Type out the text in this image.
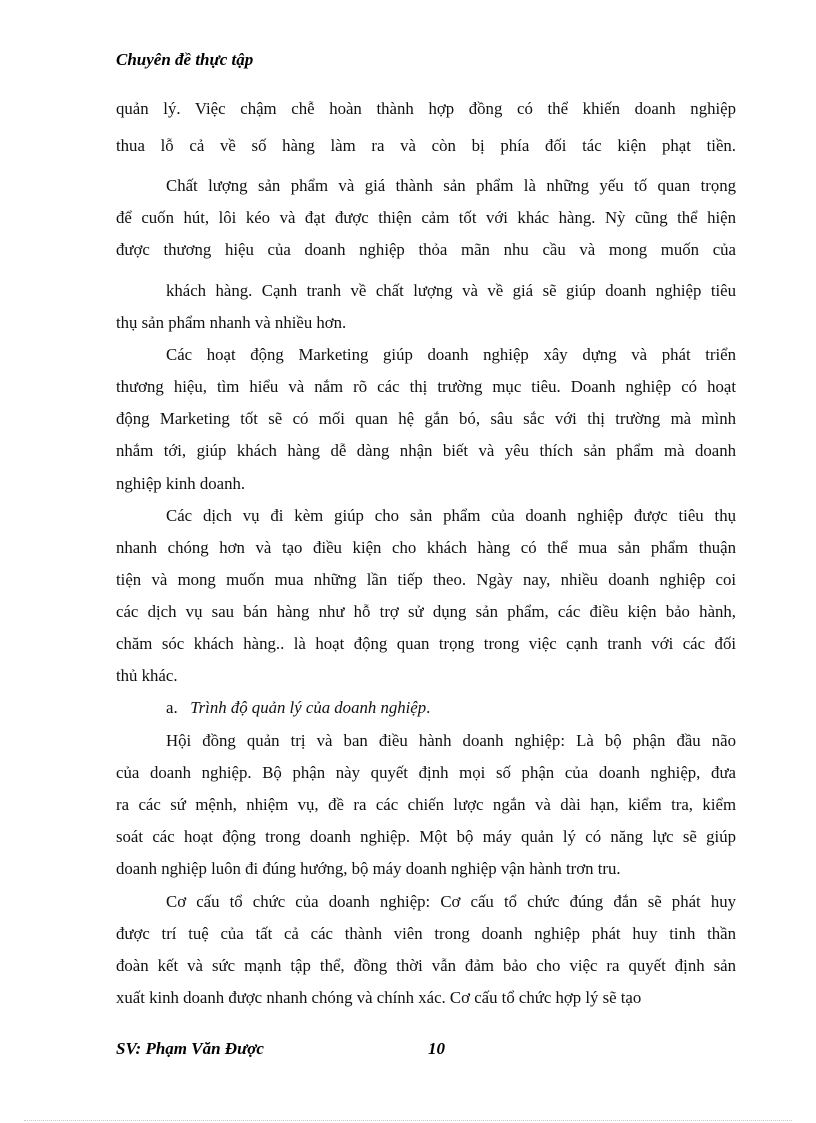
Chuyên đề thực tập
quản lý. Việc chậm chễ hoàn thành hợp đồng có thể khiến doanh nghiệp
thua lỗ cả về số hàng làm ra và còn bị phía đối tác kiện phạt tiền.
Chất lượng sản phẩm và giá thành sản phẩm là những yếu tố quan trọng
để cuốn hút, lôi kéo và đạt được thiện cảm tốt với khác hàng. Nỳ cũng thể hiện
được thương hiệu của doanh nghiệp thỏa mãn nhu cầu và mong muốn của
khách hàng. Cạnh tranh về chất lượng và về giá sẽ giúp doanh nghiệp tiêu
thụ sản phẩm nhanh và nhiều hơn.
Các hoạt động Marketing giúp doanh nghiệp xây dựng và phát triển
thương hiệu, tìm hiểu và nắm rõ các thị trường mục tiêu. Doanh nghiệp có hoạt
động Marketing tốt sẽ có mối quan hệ gắn bó, sâu sắc với thị trường mà mình
nhắm tới, giúp khách hàng dễ dàng nhận biết và yêu thích sản phẩm mà doanh
nghiệp kinh doanh.
Các dịch vụ đi kèm giúp cho sản phẩm của doanh nghiệp được tiêu thụ
nhanh chóng hơn và tạo điều kiện cho khách hàng có thể mua sản phẩm thuận
tiện và mong muốn mua những lần tiếp theo. Ngày nay, nhiều doanh nghiệp coi
các dịch vụ sau bán hàng như hỗ trợ sử dụng sản phẩm, các điều kiện bảo hành,
chăm sóc khách hàng.. là hoạt động quan trọng trong việc cạnh tranh với các đối
thủ khác.
a. Trình độ quản lý của doanh nghiệp.
Hội đồng quản trị và ban điều hành doanh nghiệp: Là bộ phận đầu não
của doanh nghiệp. Bộ phận này quyết định mọi số phận của doanh nghiệp, đưa
ra các sứ mệnh, nhiệm vụ, đề ra các chiến lược ngắn và dài hạn, kiểm tra, kiểm
soát các hoạt động trong doanh nghiệp. Một bộ máy quản lý có năng lực sẽ giúp
doanh nghiệp luôn đi đúng hướng, bộ máy doanh nghiệp vận hành trơn tru.
Cơ cấu tổ chức của doanh nghiệp: Cơ cấu tổ chức đúng đắn sẽ phát huy
được trí tuệ của tất cả các thành viên trong doanh nghiệp phát huy tinh thần
đoàn kết và sức mạnh tập thể, đồng thời vẫn đảm bảo cho việc ra quyết định sản
xuất kinh doanh được nhanh chóng và chính xác. Cơ cấu tổ chức hợp lý sẽ tạo
SV: Phạm Văn Được	10
